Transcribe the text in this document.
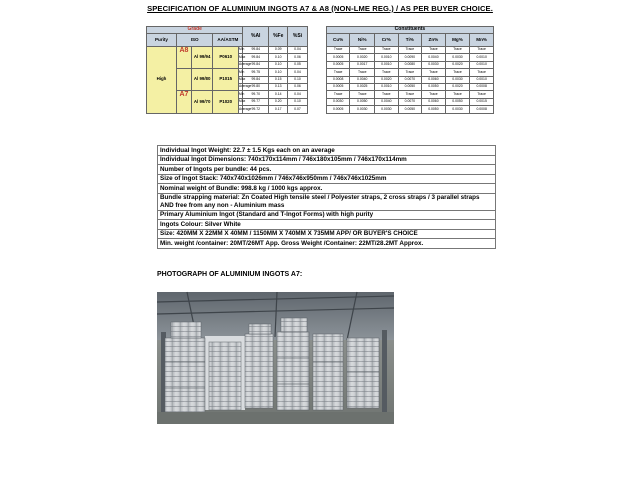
SPECIFICATION OF ALUMINIUM INGOTS A7 & A8 (NON-LME REG.) / AS PER BUYER CHOICE.
Grade					%Al	%Fe	%Si		Constituents						
Purity	ISO		AA/ASTM						Cu%	Ni%	Cr%	Ti%	Zn%	Mg%	Mn%
High	A8	Al 99/94	P0610	Min	99.84	0.09	0.04		Trace	Trace	Trace	Trace	Trace	Trace	Trace
				Max	99.84	0.10	0.06		0.0005	0.0020	0.0010	0.0090	0.0040	0.0030	0.0010
				Average	99.84	0.10	0.05		0.0005	0.0017	0.0010	0.0080	0.0030	0.0020	0.0010
		Al 99/80	P1015	Min	99.75	0.10	0.04		Trace	Trace	Trace	Trace	Trace	Trace	Trace
				Max	99.84	0.15	0.10		0.0008	0.0040	0.0020	0.0070	0.0060	0.0030	0.0010
				Average	99.80	0.13	0.06		0.0005	0.0025	0.0010	0.0050	0.0050	0.0020	0.0008
	A7	Al 99/70	P1020	Min	99.70	0.14	0.04		Trace	Trace	Trace	Trace	Trace	Trace	Trace
				Max	99.77	0.20	0.10		0.0030	0.0050	0.0040	0.0070	0.0060	0.0050	0.0015
				Average	99.72	0.17	0.07		0.0005	0.0030	0.0030	0.0050	0.0050	0.0030	0.0008
Individual Ingot Weight: 22.7 ± 1.5 Kgs each on an average
Individual Ingot Dimensions: 740x170x114mm / 746x180x105mm / 746x170x114mm
Number of Ingots per bundle: 44 pcs.
Size of Ingot Stack: 740x740x1026mm / 746x746x950mm / 746x746x1025mm
Nominal weight of Bundle: 998.8 kg / 1000 kgs approx.
Bundle strapping material: Zn Coated High tensile steel / Polyester straps, 2 cross straps / 3 parallel straps AND free from any non - Aluminium mass
Primary Aluminium Ingot (Standard and T-Ingot Forms) with high purity
Ingots Colour: Silver White
Size: 420MM X 22MM X 40MM / 1150MM X 740MM X 735MM APP/ OR BUYER'S CHOICE
Min. weight /container: 20MT/26MT App. Gross Weight /Container: 22MT/28.2MT Approx.
PHOTOGRAPH OF ALUMINIUM INGOTS A7:
